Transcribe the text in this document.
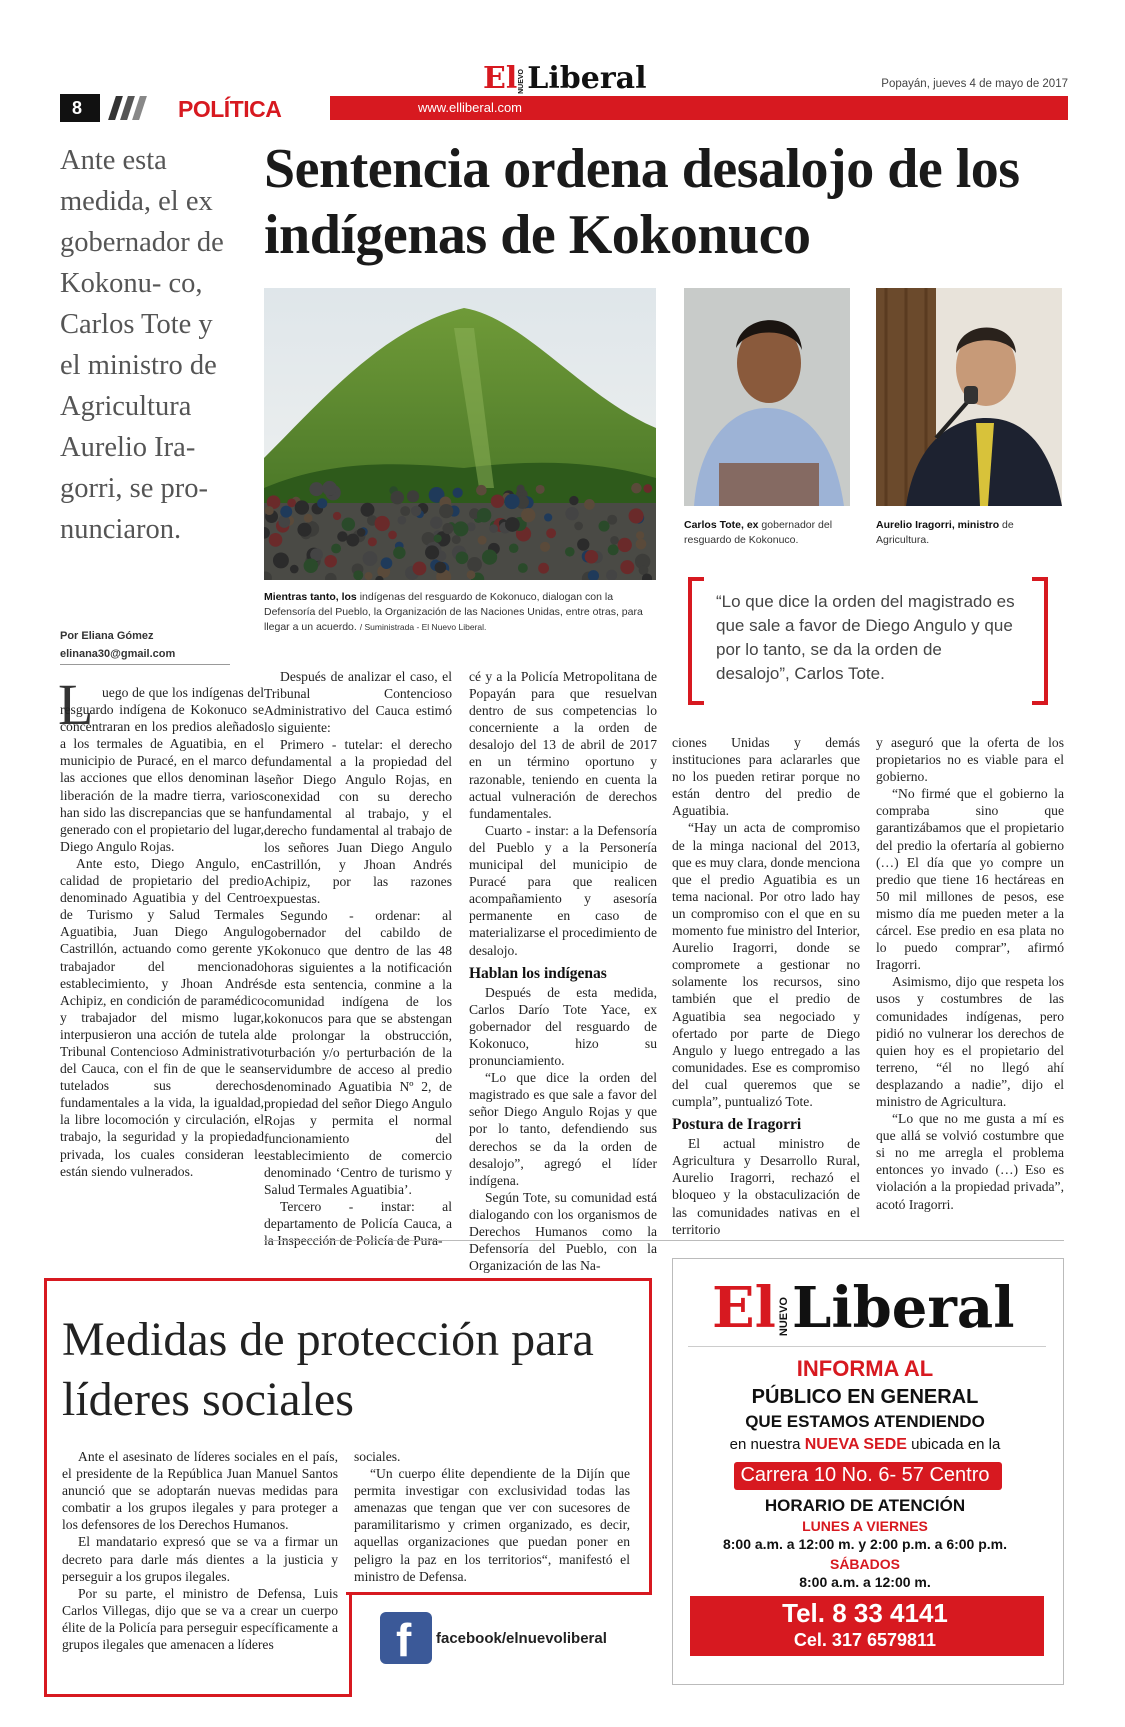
El NUEVO Liberal	Popayán, jueves 4 de mayo de 2017
8	POLÍTICA	www.elliberal.com
Ante esta medida, el ex gobernador de Kokonu- co, Carlos Tote y el ministro de Agricultura Aurelio Ira- gorri, se pro- nunciaron.
Por Eliana Gómez
elinana30@gmail.com
Sentencia ordena desalojo de los indígenas de Kokonuco
Mientras tanto, los indígenas del resguardo de Kokonuco, dialogan con la Defensoría del Pueblo, la Organización de las Naciones Unidas, entre otras, para llegar a un acuerdo. / Suministrada - El Nuevo Liberal.
Carlos Tote, ex gobernador del resguardo de Kokonuco.
Aurelio Iragorri, ministro de Agricultura.
“Lo que dice la orden del magistrado es que sale a favor de Diego Angulo y que por lo tanto, se da la orden de desalojo”, Carlos Tote.
L uego de que los indígenas del resguardo indígena de Kokonuco se concentraran en los predios aleñados a los termales de Aguatibia, en el municipio de Puracé, en el marco de las acciones que ellos denominan la liberación de la madre tierra, varios han sido las discrepancias que se han generado con el propietario del lugar, Diego Angulo Rojas.

Ante esto, Diego Angulo, en calidad de propietario del predio denominado Aguatibia y del Centro de Turismo y Salud Termales Aguatibia, Juan Diego Angulo Castrillón, actuando como gerente y trabajador del mencionado establecimiento, y Jhoan Andrés Achipiz, en condición de paramédico y trabajador del mismo lugar, interpusieron una acción de tutela al Tribunal Contencioso Administrativo del Cauca, con el fin de que le sean tutelados sus derechos fundamentales a la vida, la igualdad, la libre locomoción y circulación, el trabajo, la seguridad y la propiedad privada, los cuales consideran le están siendo vulnerados.

Después de analizar el caso, el Tribunal Contencioso Administrativo del Cauca estimó lo siguiente:

Primero - tutelar: el derecho fundamental a la propiedad del señor Diego Angulo Rojas, en conexidad con su derecho fundamental al trabajo, y el derecho fundamental al trabajo de los señores Juan Diego Angulo Castrillón, y Jhoan Andrés Achipiz, por las razones expuestas.

Segundo - ordenar: al gobernador del cabildo de Kokonuco que dentro de las 48 horas siguientes a la notificación de esta sentencia, conmine a la comunidad indígena de los kokonucos para que se abstengan de prolongar la obstrucción, turbación y/o perturbación de la servidumbre de acceso al predio denominado Aguatibia Nº 2, de propiedad del señor Diego Angulo Rojas y permita el normal funcionamiento del establecimiento de comercio denominado ‘Centro de turismo y Salud Termales Aguatibia’.

Tercero - instar: al departamento de Policía Cauca, a la Inspección de Policía de Pura-

cé y a la Policía Metropolitana de Popayán para que resuelvan dentro de sus competencias lo concerniente a la orden de desalojo del 13 de abril de 2017 en un término oportuno y razonable, teniendo en cuenta la actual vulneración de derechos fundamentales.

Cuarto - instar: a la Defensoría del Pueblo y a la Personería municipal del municipio de Puracé para que realicen acompañamiento y asesoría permanente en caso de materializarse el procedimiento de desalojo.

Hablan los indígenas

Después de esta medida, Carlos Darío Tote Yace, ex gobernador del resguardo de Kokonuco, hizo su pronunciamiento.

“Lo que dice la orden del magistrado es que sale a favor del señor Diego Angulo Rojas y que por lo tanto, defendiendo sus derechos se da la orden de desalojo”, agregó el líder indígena.

Según Tote, su comunidad está dialogando con los organismos de Derechos Humanos como la Defensoría del Pueblo, con la Organización de las Na-

ciones Unidas y demás instituciones para aclararles que no los pueden retirar porque no están dentro del predio de Aguatibia.

“Hay un acta de compromiso de la minga nacional del 2013, que es muy clara, donde menciona que el predio Aguatibia es un tema nacional. Por otro lado hay un compromiso con el que en su momento fue ministro del Interior, Aurelio Iragorri, donde se compromete a gestionar no solamente los recursos, sino también que el predio de Aguatibia sea negociado y ofertado por parte de Diego Angulo y luego entregado a las comunidades. Ese es compromiso del cual queremos que se cumpla”, puntualizó Tote.

Postura de Iragorri

El actual ministro de Agricultura y Desarrollo Rural, Aurelio Iragorri, rechazó el bloqueo y la obstaculización de las comunidades nativas en el territorio

y aseguró que la oferta de los propietarios no es viable para el gobierno.

“No firmé que el gobierno la compraba sino que garantizábamos que el propietario del predio la ofertaría al gobierno (…) El día que yo compre un predio que tiene 16 hectáreas en 50 mil millones de pesos, ese mismo día me pueden meter a la cárcel. Ese predio en esa plata no lo puedo comprar”, afirmó Iragorri.

Asimismo, dijo que respeta los usos y costumbres de las comunidades indígenas, pero pidió no vulnerar los derechos de quien hoy es el propietario del terreno, “él no llegó ahí desplazando a nadie”, dijo el ministro de Agricultura.

“Lo que no me gusta a mí es que allá se volvió costumbre que si no me arregla el problema entonces yo invado (…) Eso es violación a la propiedad privada”, acotó Iragorri.

Medidas de protección para líderes sociales

Ante el asesinato de líderes sociales en el país, el presidente de la República Juan Manuel Santos anunció que se adoptarán nuevas medidas para combatir a los grupos ilegales y para proteger a los defensores de los Derechos Humanos.

El mandatario expresó que se va a firmar un decreto para darle más dientes a la justicia y perseguir a los grupos ilegales.

Por su parte, el ministro de Defensa, Luis Carlos Villegas, dijo que se va a crear un cuerpo élite de la Policía para perseguir específicamente a grupos ilegales que amenacen a líderes

sociales.

“Un cuerpo élite dependiente de la Dijín que permita investigar con exclusividad todas las amenazas que tengan que ver con sucesores de paramilitarismo y crimen organizado, es decir, aquellas organizaciones que puedan poner en peligro la paz en los territorios“, manifestó el ministro de Defensa.

f facebook/elnuevoliberal
El NUEVO Liberal
INFORMA AL
PÚBLICO EN GENERAL
QUE ESTAMOS ATENDIENDO
en nuestra NUEVA SEDE ubicada en la
Carrera 10 No. 6- 57 Centro
HORARIO DE ATENCIÓN
LUNES A VIERNES
8:00 a.m. a 12:00 m. y 2:00 p.m. a 6:00 p.m.
SÁBADOS
8:00 a.m. a 12:00 m.
Tel. 8 33 4141
Cel. 317 6579811
